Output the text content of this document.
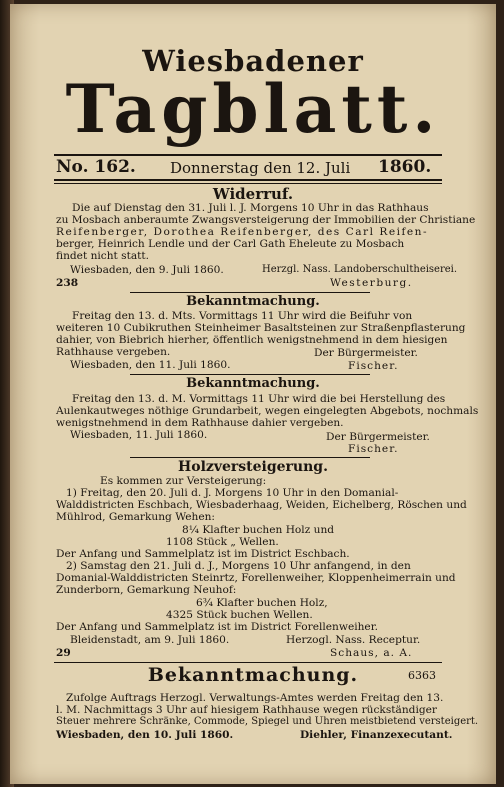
Wiesbadener
Tagblatt.
No. 162. Donnerstag den 12. Juli 1860.
Widerruf.
Die auf Dienstag den 31. Juli l. J. Morgens 10 Uhr in das Rathhaus
zu Mosbach anberaumte Zwangsversteigerung der Immobilien der Christiane
Reifenberger, Dorothea Reifenberger, des Carl Reifen-
berger, Heinrich Lendle und der Carl Gath Eheleute zu Mosbach
findet nicht statt.
Wiesbaden, den 9. Juli 1860.	Herzgl. Nass. Landoberschultheiserei.
238	Westerburg.
Bekanntmachung.
Freitag den 13. d. Mts. Vormittags 11 Uhr wird die Beifuhr von
weiteren 10 Cubikruthen Steinheimer Basaltsteinen zur Straßenpflasterung
dahier, von Biebrich hierher, öffentlich wenigstnehmend in dem hiesigen
Rathhause vergeben.	Der Bürgermeister.
Wiesbaden, den 11. Juli 1860.	Fischer.
Bekanntmachung.
Freitag den 13. d. M. Vormittags 11 Uhr wird die bei Herstellung des
Aulenkautweges nöthige Grundarbeit, wegen eingelegten Abgebots, nochmals
wenigstnehmend in dem Rathhause dahier vergeben.
Wiesbaden, 11. Juli 1860.	Der Bürgermeister.
Fischer.
Holzversteigerung.
Es kommen zur Versteigerung:
1) Freitag, den 20. Juli d. J. Morgens 10 Uhr in den Domanial-
Walddistricten Eschbach, Wiesbaderhaag, Weiden, Eichelberg, Röschen und
Mühlrod, Gemarkung Wehen:
8¼ Klafter buchen Holz und
1108 Stück „ Wellen.
Der Anfang und Sammelplatz ist im District Eschbach.
2) Samstag den 21. Juli d. J., Morgens 10 Uhr anfangend, in den
Domanial-Walddistricten Steinrtz, Forellenweiher, Kloppenheimerrain und
Zunderborn, Gemarkung Neuhof:
6¾ Klafter buchen Holz,
4325 Stück buchen Wellen.
Der Anfang und Sammelplatz ist im District Forellenweiher.
Bleidenstadt, am 9. Juli 1860.	Herzogl. Nass. Receptur.
29	Schaus, a. A.
Bekanntmachung.	6363
Zufolge Auftrags Herzogl. Verwaltungs-Amtes werden Freitag den 13.
l. M. Nachmittags 3 Uhr auf hiesigem Rathhause wegen rückständiger
Steuer mehrere Schränke, Commode, Spiegel und Uhren meistbietend versteigert.
Wiesbaden, den 10. Juli 1860.	Diehler, Finanzexecutant.
